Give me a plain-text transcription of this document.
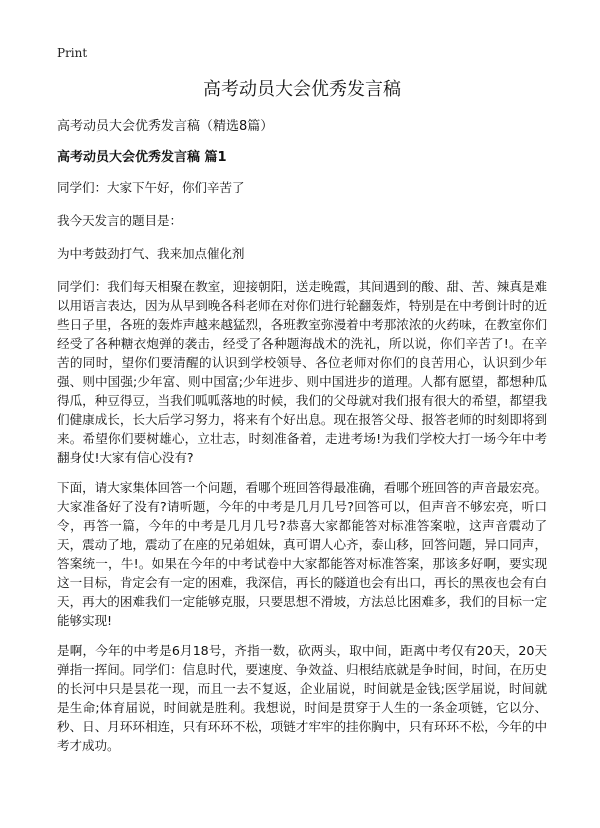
Print
高考动员大会优秀发言稿

高考动员大会优秀发言稿（精选8篇）

高考动员大会优秀发言稿 篇1

同学们：大家下午好，你们辛苦了

我今天发言的题目是：

为中考鼓劲打气、我来加点催化剂

同学们：我们每天相聚在教室，迎接朝阳，送走晚霞，其间遇到的酸、甜、苦、辣真是难以用语言表达，因为从早到晚各科老师在对你们进行轮翻轰炸，特别是在中考倒计时的近些日子里，各班的轰炸声越来越猛烈，各班教室弥漫着中考那浓浓的火药味，在教室你们经受了各种糖衣炮弹的袭击，经受了各种题海战术的洗礼，所以说，你们辛苦了!。在辛苦的同时，望你们要清醒的认识到学校领导、各位老师对你们的良苦用心，认识到少年强、则中国强;少年富、则中国富;少年进步、则中国进步的道理。人都有愿望，都想种瓜得瓜，种豆得豆，当我们呱呱落地的时候，我们的父母就对我们报有很大的希望，都望我们健康成长，长大后学习努力，将来有个好出息。现在报答父母、报答老师的时刻即将到来。希望你们要树雄心，立壮志，时刻准备着，走进考场!为我们学校大打一场今年中考翻身仗!大家有信心没有?

下面，请大家集体回答一个问题，看哪个班回答得最准确，看哪个班回答的声音最宏亮。大家准备好了没有?请听题，今年的中考是几月几号?回答可以，但声音不够宏亮，听口令，再答一篇，今年的中考是几月几号?恭喜大家都能答对标准答案啦，这声音震动了天，震动了地，震动了在座的兄弟姐妹，真可谓人心齐，泰山移，回答问题，异口同声，答案统一，牛!。如果在今年的中考试卷中大家都能答对标准答案，那该多好啊，要实现这一目标，肯定会有一定的困难，我深信，再长的隧道也会有出口，再长的黑夜也会有白天，再大的困难我们一定能够克服，只要思想不滑坡，方法总比困难多，我们的目标一定能够实现!

是啊，今年的中考是6月18号，齐指一数，砍两头，取中间，距离中考仅有20天，20天弹指一挥间。同学们：信息时代，要速度、争效益、归根结底就是争时间，时间，在历史的长河中只是昙花一现，而且一去不复返，企业届说，时间就是金钱;医学届说，时间就是生命;体育届说，时间就是胜利。我想说，时间是贯穿于人生的一条金项链，它以分、秒、日、月环环相连，只有环环不松，项链才牢牢的挂你胸中，只有环环不松，今年的中考才成功。
